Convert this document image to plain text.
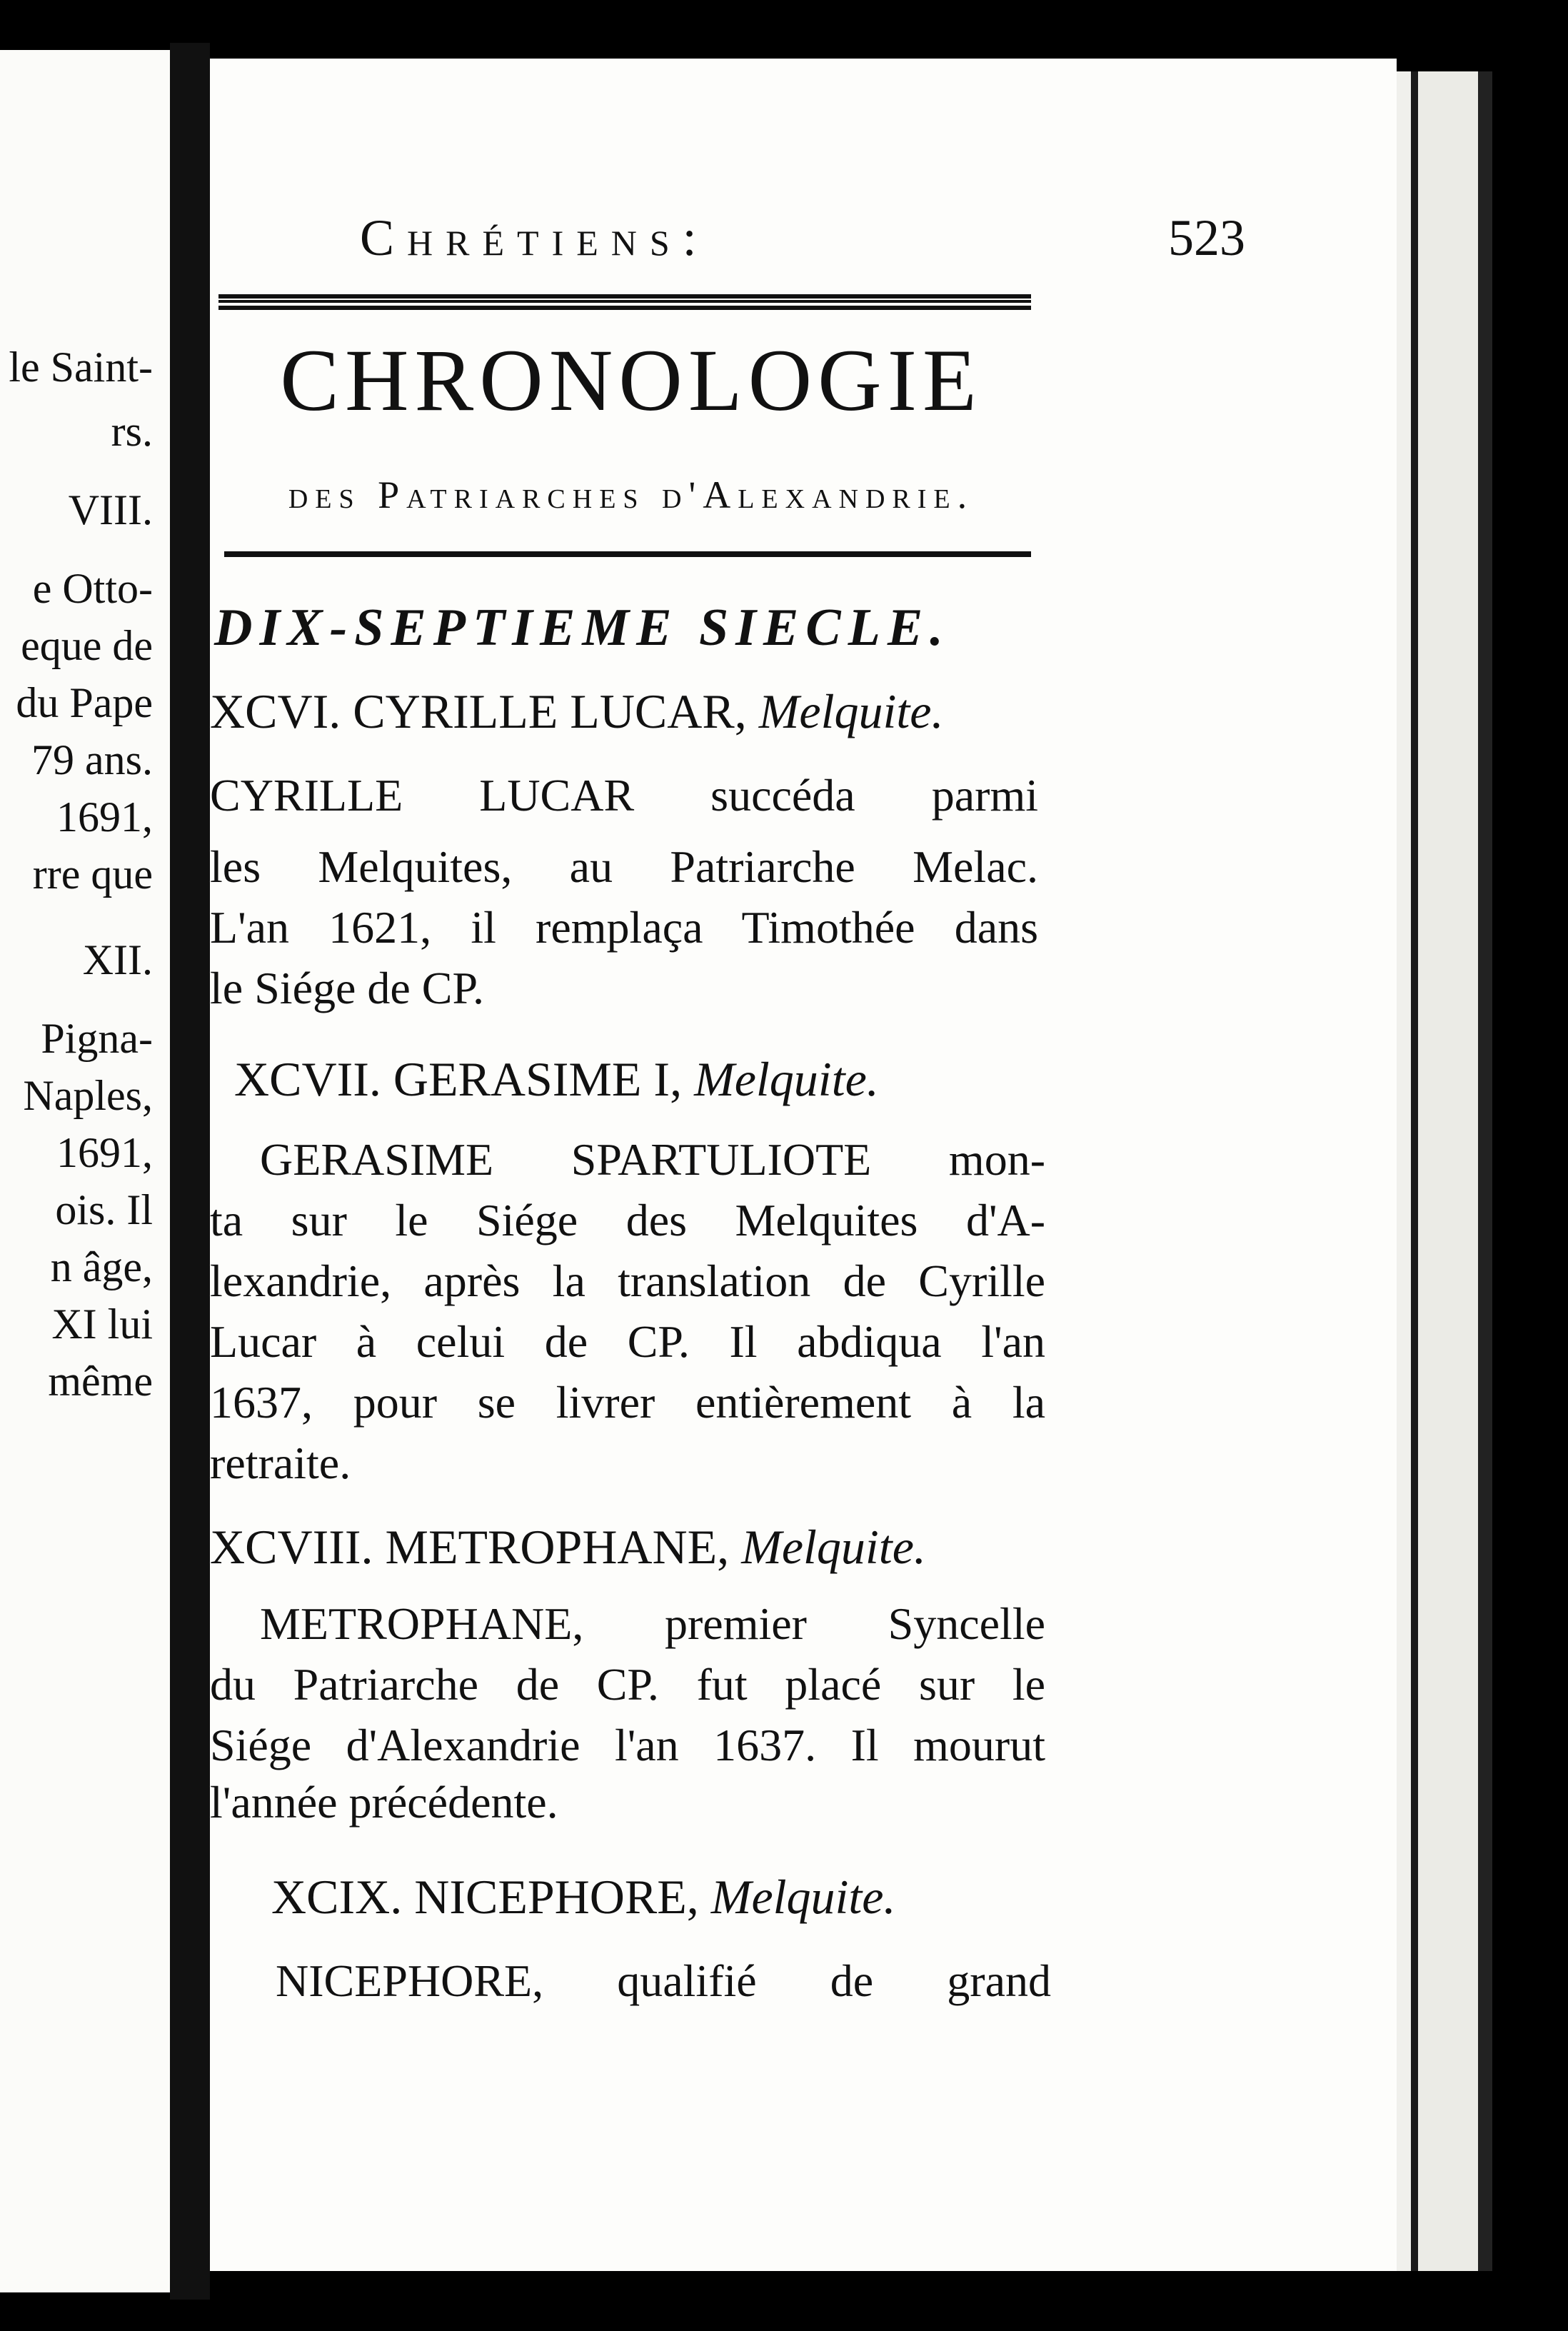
le Saint-
rs.
VIII.
e Otto-
eque de
du Pape
79 ans.
1691,
rre que
XII.
Pigna-
Naples,
1691,
ois. Il
n âge,
XI lui
même
Chrétiens:	523
CHRONOLOGIE
des Patriarches d'Alexandrie.
DIX-SEPTIEME SIECLE.
XCVI. CYRILLE LUCAR, Melquite.
CYRILLE LUCAR succéda parmi
les Melquites, au Patriarche Melac.
L'an 1621, il remplaça Timothée dans
le Siége de CP.
XCVII. GERASIME I, Melquite.
GERASIME SPARTULIOTE mon-
ta sur le Siége des Melquites d'A-
lexandrie, après la translation de Cyrille
Lucar à celui de CP. Il abdiqua l'an
1637, pour se livrer entièrement à la
retraite.
XCVIII. METROPHANE, Melquite.
METROPHANE, premier Syncelle
du Patriarche de CP. fut placé sur le
Siége d'Alexandrie l'an 1637. Il mourut
l'année précédente.
XCIX. NICEPHORE, Melquite.
NICEPHORE, qualifié de grand
